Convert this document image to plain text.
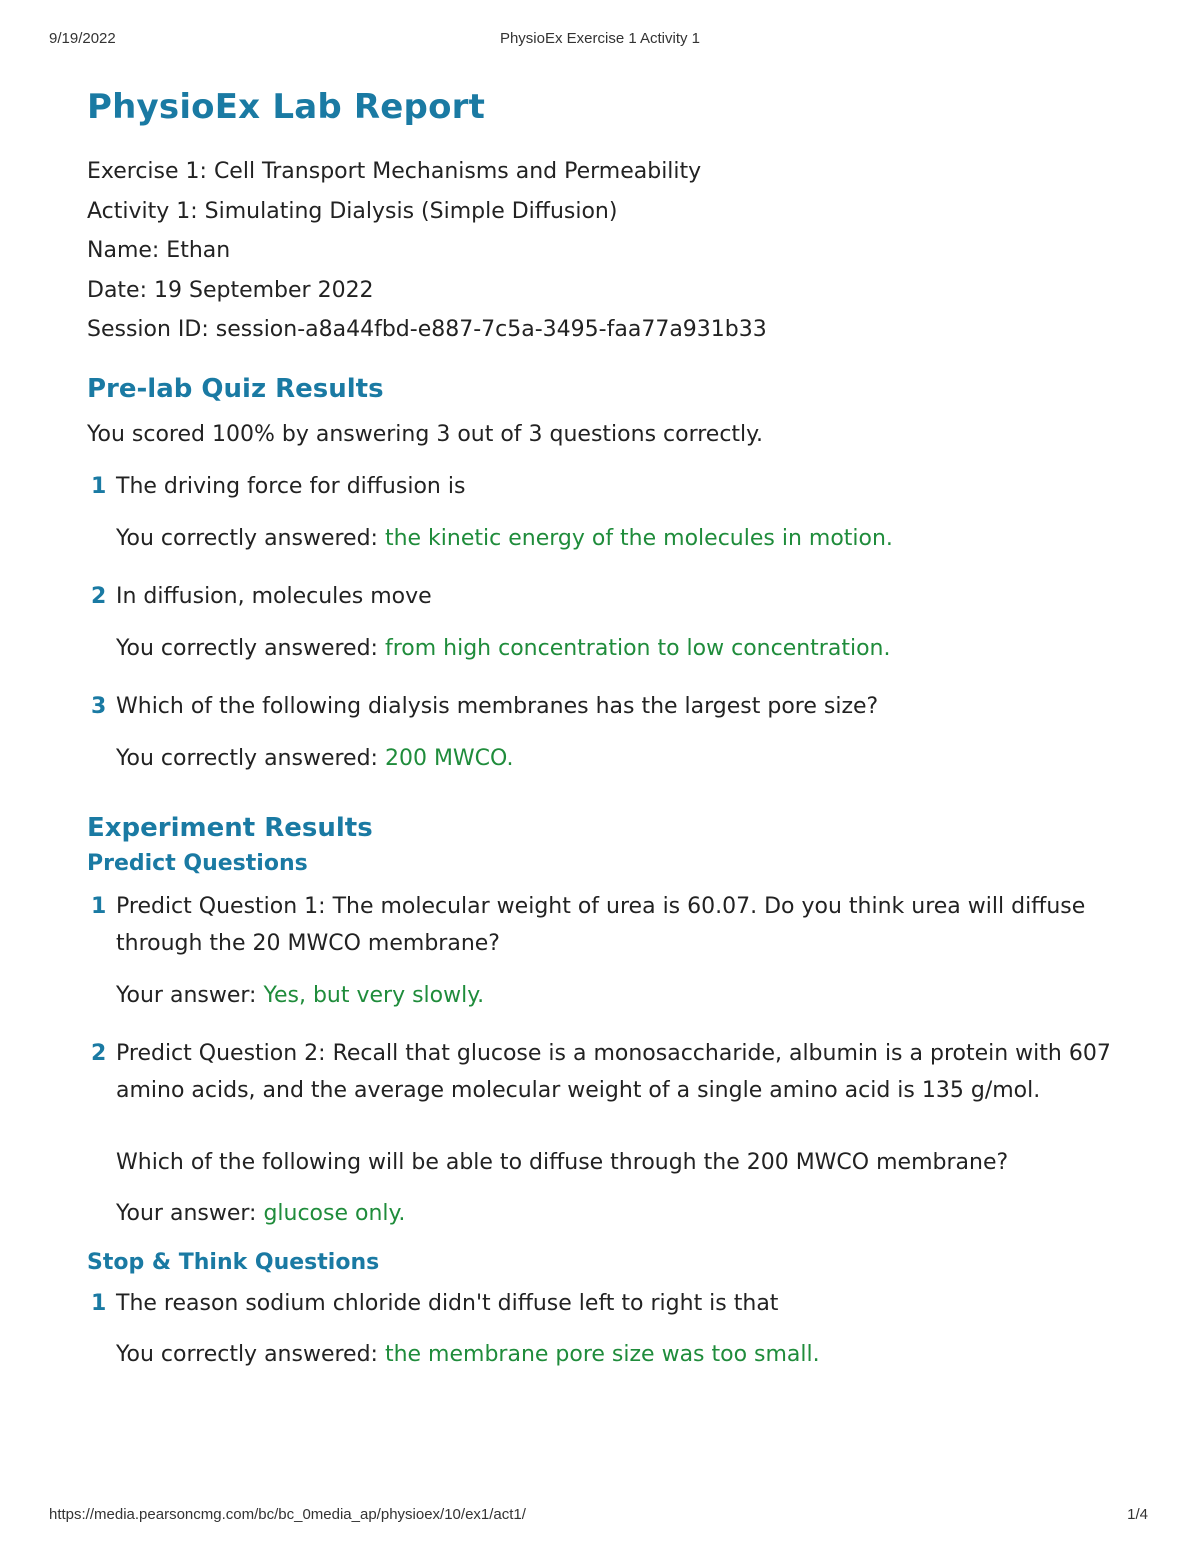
9/19/2022	PhysioEx Exercise 1 Activity 1
PhysioEx Lab Report
Exercise 1: Cell Transport Mechanisms and Permeability
Activity 1: Simulating Dialysis (Simple Diffusion)
Name: Ethan
Date: 19 September 2022
Session ID: session-a8a44fbd-e887-7c5a-3495-faa77a931b33
Pre-lab Quiz Results
You scored 100% by answering 3 out of 3 questions correctly.
1 The driving force for diffusion is
You correctly answered: the kinetic energy of the molecules in motion.
2 In diffusion, molecules move
You correctly answered: from high concentration to low concentration.
3 Which of the following dialysis membranes has the largest pore size?
You correctly answered: 200 MWCO.
Experiment Results
Predict Questions
1 Predict Question 1: The molecular weight of urea is 60.07. Do you think urea will diffuse through the 20 MWCO membrane?
Your answer: Yes, but very slowly.
2 Predict Question 2: Recall that glucose is a monosaccharide, albumin is a protein with 607 amino acids, and the average molecular weight of a single amino acid is 135 g/mol.
Which of the following will be able to diffuse through the 200 MWCO membrane?
Your answer: glucose only.
Stop & Think Questions
1 The reason sodium chloride didn't diffuse left to right is that
You correctly answered: the membrane pore size was too small.
https://media.pearsoncmg.com/bc/bc_0media_ap/physioex/10/ex1/act1/	1/4
